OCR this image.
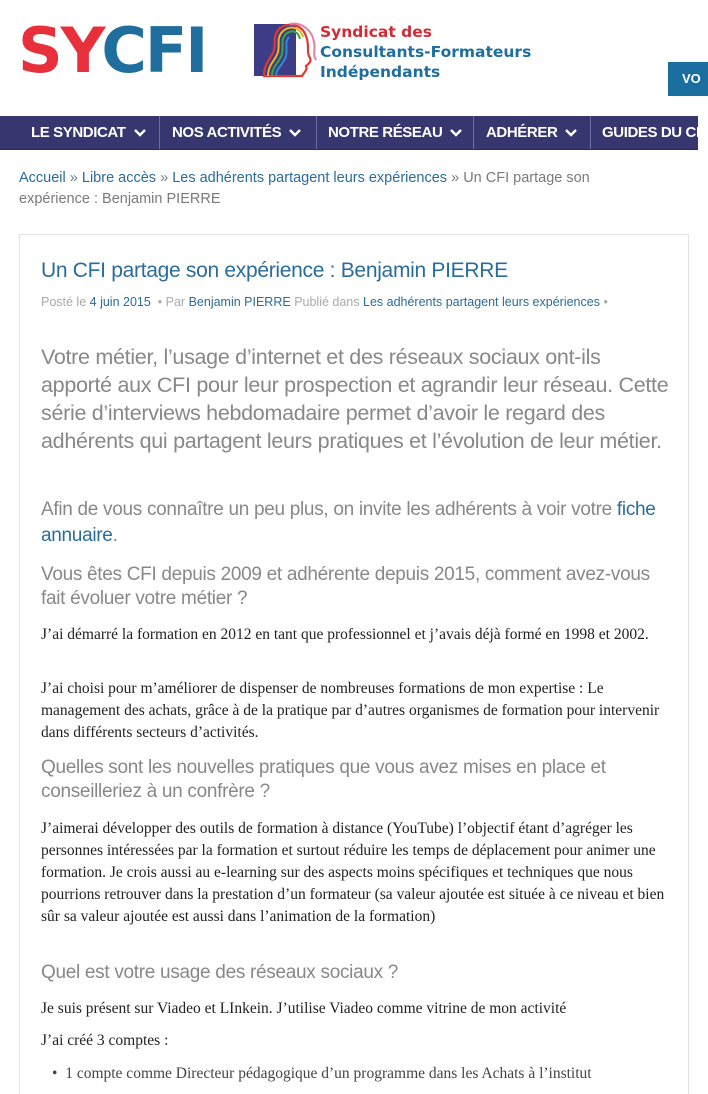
SYCFI	Syndicat des
Consultants-Formateurs
Indépendants	VO
LE SYNDICAT	NOS ACTIVITÉS	NOTRE RÉSEAU	ADHÉRER	GUIDES DU CFI
Accueil » Libre accès » Les adhérents partagent leurs expériences » Un CFI partage son expérience : Benjamin PIERRE
Un CFI partage son expérience : Benjamin PIERRE
Posté le 4 juin 2015 • Par Benjamin PIERRE Publié dans Les adhérents partagent leurs expériences •
Votre métier, l’usage d’internet et des réseaux sociaux ont-ils apporté aux CFI pour leur prospection et agrandir leur réseau. Cette série d’interviews hebdomadaire permet d’avoir le regard des adhérents qui partagent leurs pratiques et l’évolution de leur métier.
Afin de vous connaître un peu plus, on invite les adhérents à voir votre fiche annuaire.
Vous êtes CFI depuis 2009 et adhérente depuis 2015, comment avez-vous fait évoluer votre métier ?
J’ai démarré la formation en 2012 en tant que professionnel et j’avais déjà formé en 1998 et 2002.
J’ai choisi pour m’améliorer de dispenser de nombreuses formations de mon expertise : Le management des achats, grâce à de la pratique par d’autres organismes de formation pour intervenir dans différents secteurs d’activités.
Quelles sont les nouvelles pratiques que vous avez mises en place et conseilleriez à un confrère ?
J’aimerai développer des outils de formation à distance (YouTube) l’objectif étant d’agréger les personnes intéressées par la formation et surtout réduire les temps de déplacement pour animer une formation. Je crois aussi au e-learning sur des aspects moins spécifiques et techniques que nous pourrions retrouver dans la prestation d’un formateur (sa valeur ajoutée est située à ce niveau et bien sûr sa valeur ajoutée est aussi dans l’animation de la formation)
Quel est votre usage des réseaux sociaux ?
Je suis présent sur Viadeo et LInkein. J’utilise Viadeo comme vitrine de mon activité
J’ai créé 3 comptes :
•  1 compte comme Directeur pédagogique d’un programme dans les Achats à l’institut
